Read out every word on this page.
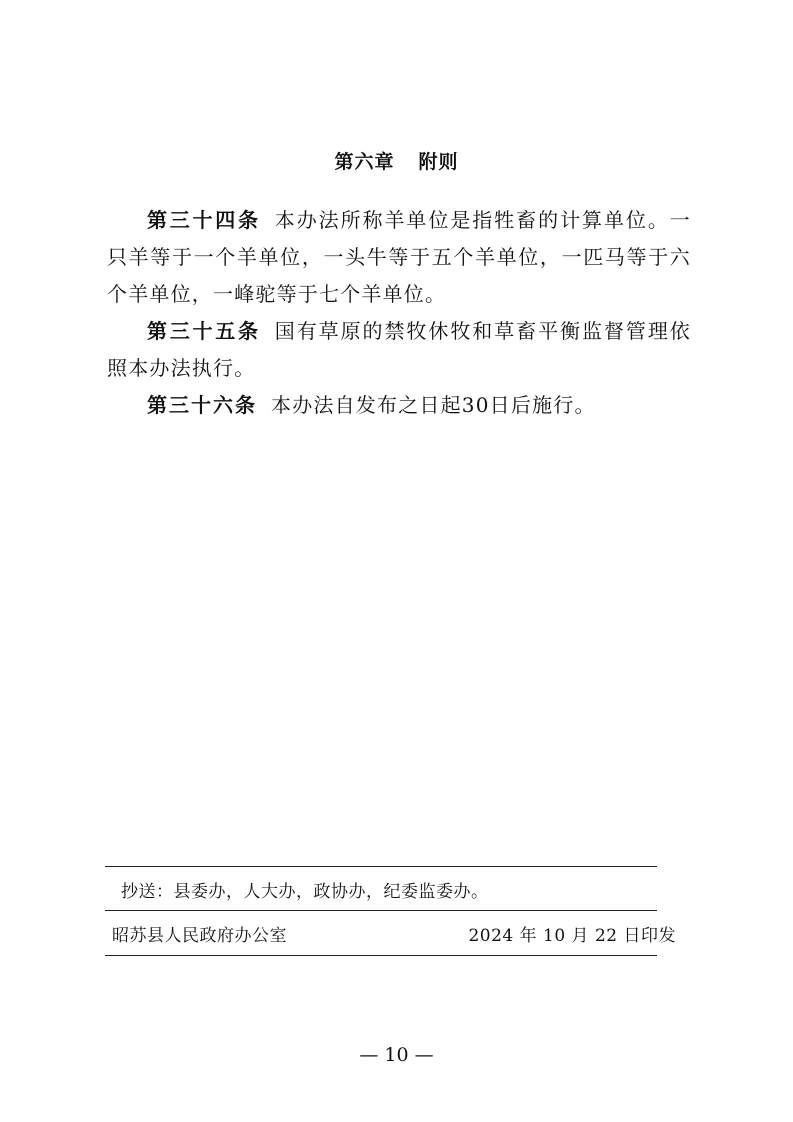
第六章 附则

第三十四条 本办法所称羊单位是指牲畜的计算单位。一只羊等于一个羊单位，一头牛等于五个羊单位，一匹马等于六个羊单位，一峰驼等于七个羊单位。

第三十五条 国有草原的禁牧休牧和草畜平衡监督管理依照本办法执行。

第三十六条 本办法自发布之日起30日后施行。

抄送：县委办，人大办，政协办，纪委监委办。
昭苏县人民政府办公室	2024 年 10 月 22 日印发
— 10 —
